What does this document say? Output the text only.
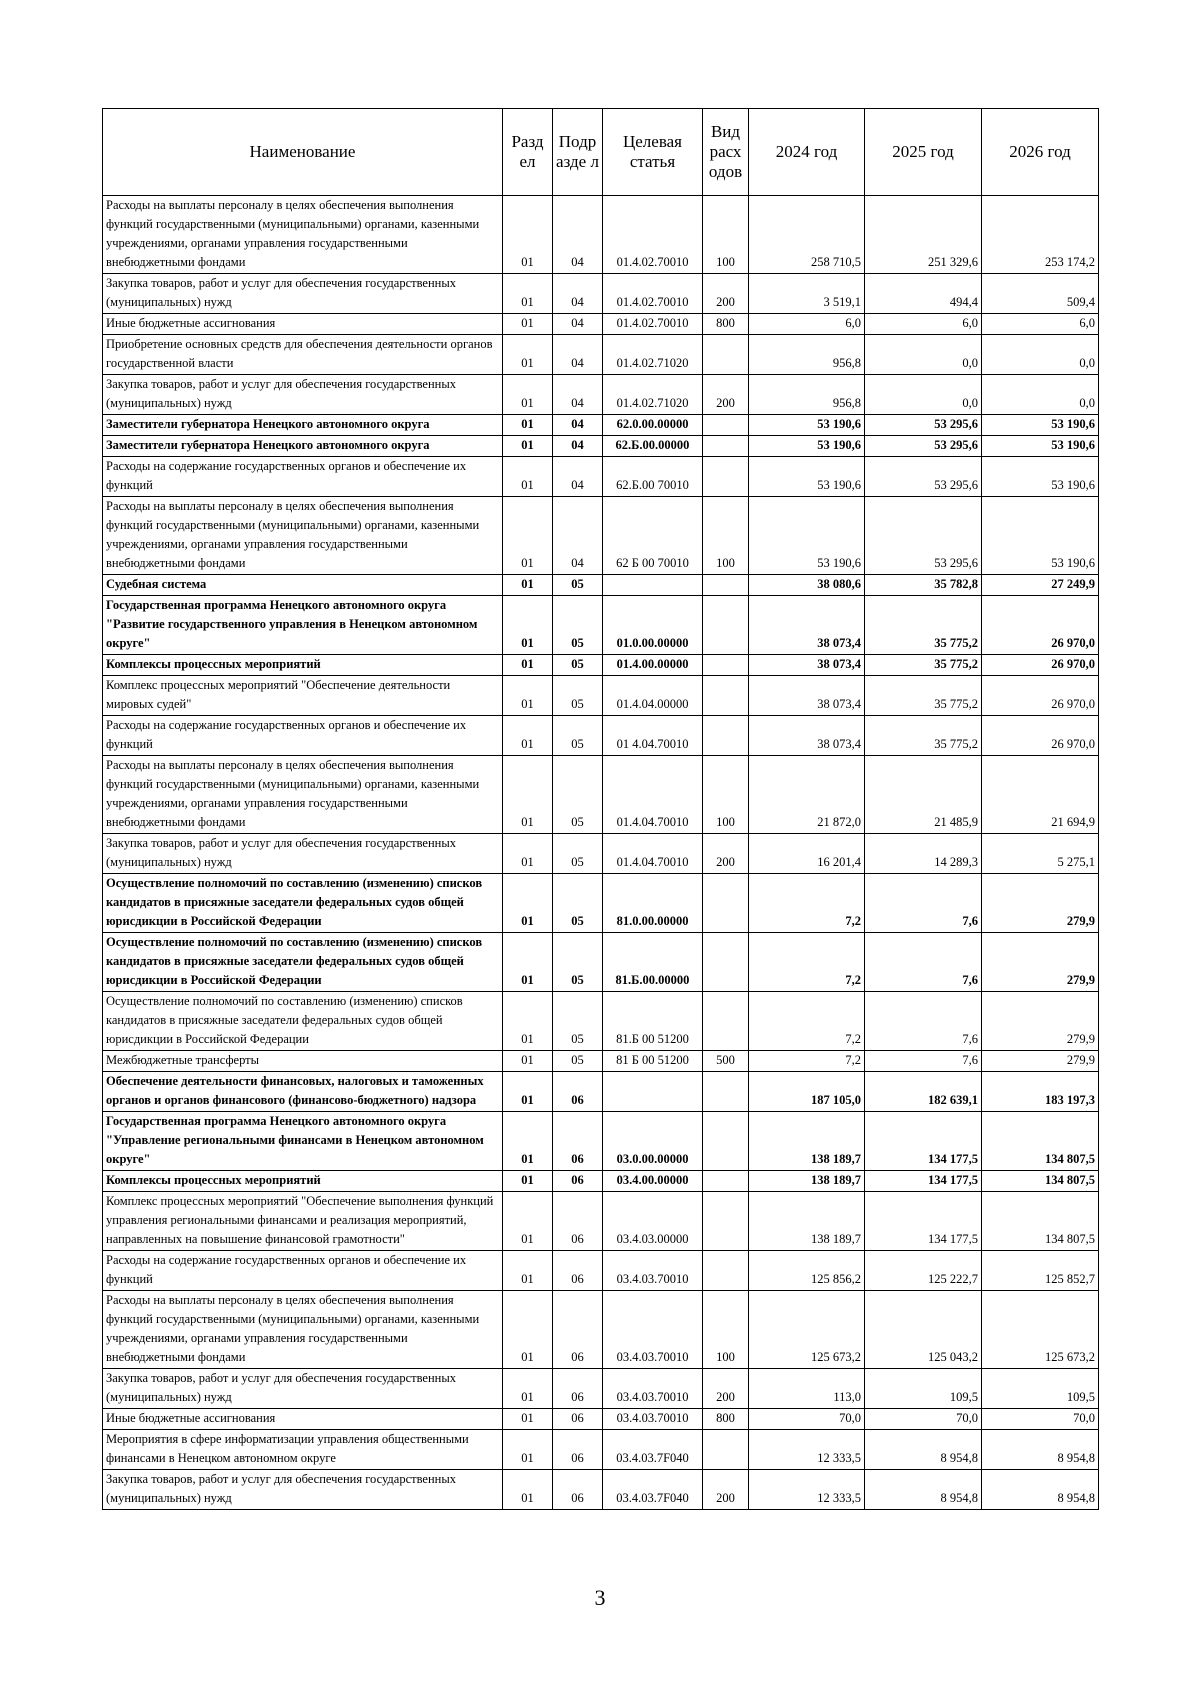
Наименование	Разд ел	Подр азде л	Целевая статья	Вид расх одов	2024 год	2025 год	2026 год
Расходы на выплаты персоналу в целях обеспечения выполнения функций государственными (муниципальными) органами, казенными учреждениями, органами управления государственными внебюджетными фондами	01	04	01.4.02.70010	100	258 710,5	251 329,6	253 174,2
Закупка товаров, работ и услуг для обеспечения государственных (муниципальных) нужд	01	04	01.4.02.70010	200	3 519,1	494,4	509,4
Иные бюджетные ассигнования	01	04	01.4.02.70010	800	6,0	6,0	6,0
Приобретение основных средств для обеспечения деятельности органов государственной власти	01	04	01.4.02.71020		956,8	0,0	0,0
Закупка товаров, работ и услуг для обеспечения государственных (муниципальных) нужд	01	04	01.4.02.71020	200	956,8	0,0	0,0
Заместители губернатора Ненецкого автономного округа	01	04	62.0.00.00000		53 190,6	53 295,6	53 190,6
Заместители губернатора Ненецкого автономного округа	01	04	62.Б.00.00000		53 190,6	53 295,6	53 190,6
Расходы на содержание государственных органов и обеспечение их функций	01	04	62.Б.00 70010		53 190,6	53 295,6	53 190,6
Расходы на выплаты персоналу в целях обеспечения выполнения функций государственными (муниципальными) органами, казенными учреждениями, органами управления государственными внебюджетными фондами	01	04	62 Б 00 70010	100	53 190,6	53 295,6	53 190,6
Судебная система	01	05			38 080,6	35 782,8	27 249,9
Государственная программа Ненецкого автономного округа "Развитие государственного управления в Ненецком автономном округе"	01	05	01.0.00.00000		38 073,4	35 775,2	26 970,0
Комплексы процессных мероприятий	01	05	01.4.00.00000		38 073,4	35 775,2	26 970,0
Комплекс процессных мероприятий "Обеспечение деятельности мировых судей"	01	05	01.4.04.00000		38 073,4	35 775,2	26 970,0
Расходы на содержание государственных органов и обеспечение их функций	01	05	01 4.04.70010		38 073,4	35 775,2	26 970,0
Расходы на выплаты персоналу в целях обеспечения выполнения функций государственными (муниципальными) органами, казенными учреждениями, органами управления государственными внебюджетными фондами	01	05	01.4.04.70010	100	21 872,0	21 485,9	21 694,9
Закупка товаров, работ и услуг для обеспечения государственных (муниципальных) нужд	01	05	01.4.04.70010	200	16 201,4	14 289,3	5 275,1
Осуществление полномочий по составлению (изменению) списков кандидатов в присяжные заседатели федеральных судов общей юрисдикции в Российской Федерации	01	05	81.0.00.00000		7,2	7,6	279,9
Осуществление полномочий по составлению (изменению) списков кандидатов в присяжные заседатели федеральных судов общей юрисдикции в Российской Федерации	01	05	81.Б.00.00000		7,2	7,6	279,9
Осуществление полномочий по составлению (изменению) списков кандидатов в присяжные заседатели федеральных судов общей юрисдикции в Российской Федерации	01	05	81.Б 00 51200		7,2	7,6	279,9
Межбюджетные трансферты	01	05	81 Б 00 51200	500	7,2	7,6	279,9
Обеспечение деятельности финансовых, налоговых и таможенных органов и органов финансового (финансово-бюджетного) надзора	01	06			187 105,0	182 639,1	183 197,3
Государственная программа Ненецкого автономного округа "Управление региональными финансами в Ненецком автономном округе"	01	06	03.0.00.00000		138 189,7	134 177,5	134 807,5
Комплексы процессных мероприятий	01	06	03.4.00.00000		138 189,7	134 177,5	134 807,5
Комплекс процессных мероприятий "Обеспечение выполнения функций управления региональными финансами и реализация мероприятий, направленных на повышение финансовой грамотности"	01	06	03.4.03.00000		138 189,7	134 177,5	134 807,5
Расходы на содержание государственных органов и обеспечение их функций	01	06	03.4.03.70010		125 856,2	125 222,7	125 852,7
Расходы на выплаты персоналу в целях обеспечения выполнения функций государственными (муниципальными) органами, казенными учреждениями, органами управления государственными внебюджетными фондами	01	06	03.4.03.70010	100	125 673,2	125 043,2	125 673,2
Закупка товаров, работ и услуг для обеспечения государственных (муниципальных) нужд	01	06	03.4.03.70010	200	113,0	109,5	109,5
Иные бюджетные ассигнования	01	06	03.4.03.70010	800	70,0	70,0	70,0
Мероприятия в сфере информатизации управления общественными финансами в Ненецком автономном округе	01	06	03.4.03.7F040		12 333,5	8 954,8	8 954,8
Закупка товаров, работ и услуг для обеспечения государственных (муниципальных) нужд	01	06	03.4.03.7F040	200	12 333,5	8 954,8	8 954,8
3
